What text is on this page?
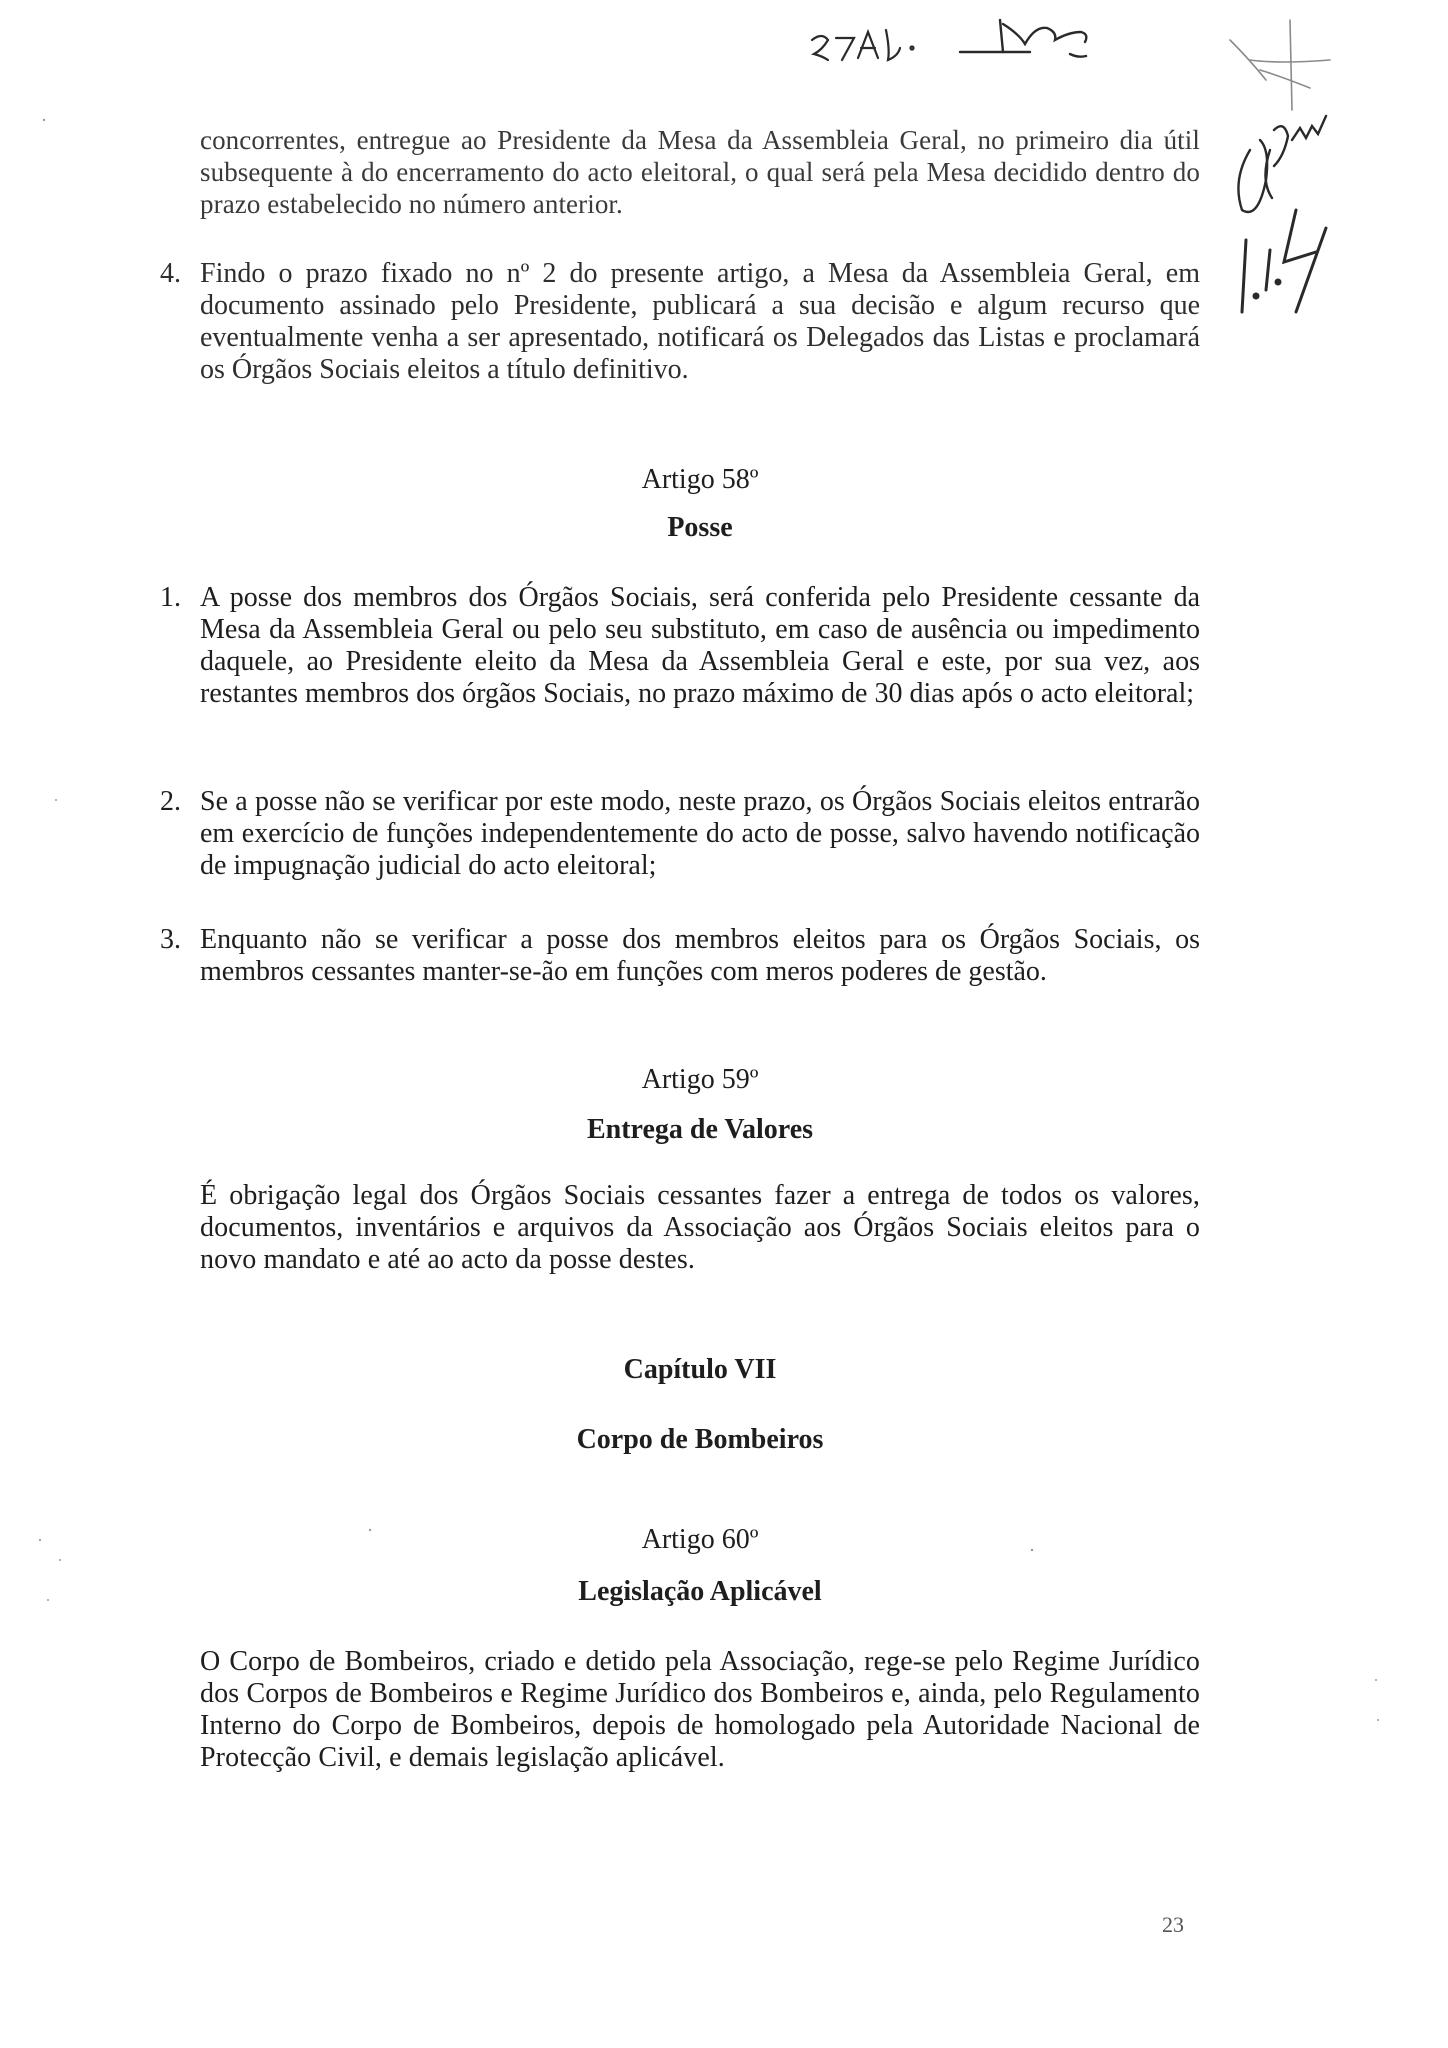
concorrentes, entregue ao Presidente da Mesa da Assembleia Geral, no primeiro dia útil subsequente à do encerramento do acto eleitoral, o qual será pela Mesa decidido dentro do prazo estabelecido no número anterior.
4. Findo o prazo fixado no nº 2 do presente artigo, a Mesa da Assembleia Geral, em documento assinado pelo Presidente, publicará a sua decisão e algum recurso que eventualmente venha a ser apresentado, notificará os Delegados das Listas e proclamará os Órgãos Sociais eleitos a título definitivo.
Artigo 58º
Posse
1. A posse dos membros dos Órgãos Sociais, será conferida pelo Presidente cessante da Mesa da Assembleia Geral ou pelo seu substituto, em caso de ausência ou impedimento daquele, ao Presidente eleito da Mesa da Assembleia Geral e este, por sua vez, aos restantes membros dos órgãos Sociais, no prazo máximo de 30 dias após o acto eleitoral;
2. Se a posse não se verificar por este modo, neste prazo, os Órgãos Sociais eleitos entrarão em exercício de funções independentemente do acto de posse, salvo havendo notificação de impugnação judicial do acto eleitoral;
3. Enquanto não se verificar a posse dos membros eleitos para os Órgãos Sociais, os membros cessantes manter-se-ão em funções com meros poderes de gestão.
Artigo 59º
Entrega de Valores
É obrigação legal dos Órgãos Sociais cessantes fazer a entrega de todos os valores, documentos, inventários e arquivos da Associação aos Órgãos Sociais eleitos para o novo mandato e até ao acto da posse destes.
Capítulo VII
Corpo de Bombeiros
Artigo 60º
Legislação Aplicável
O Corpo de Bombeiros, criado e detido pela Associação, rege-se pelo Regime Jurídico dos Corpos de Bombeiros e Regime Jurídico dos Bombeiros e, ainda, pelo Regulamento Interno do Corpo de Bombeiros, depois de homologado pela Autoridade Nacional de Protecção Civil, e demais legislação aplicável.
23
